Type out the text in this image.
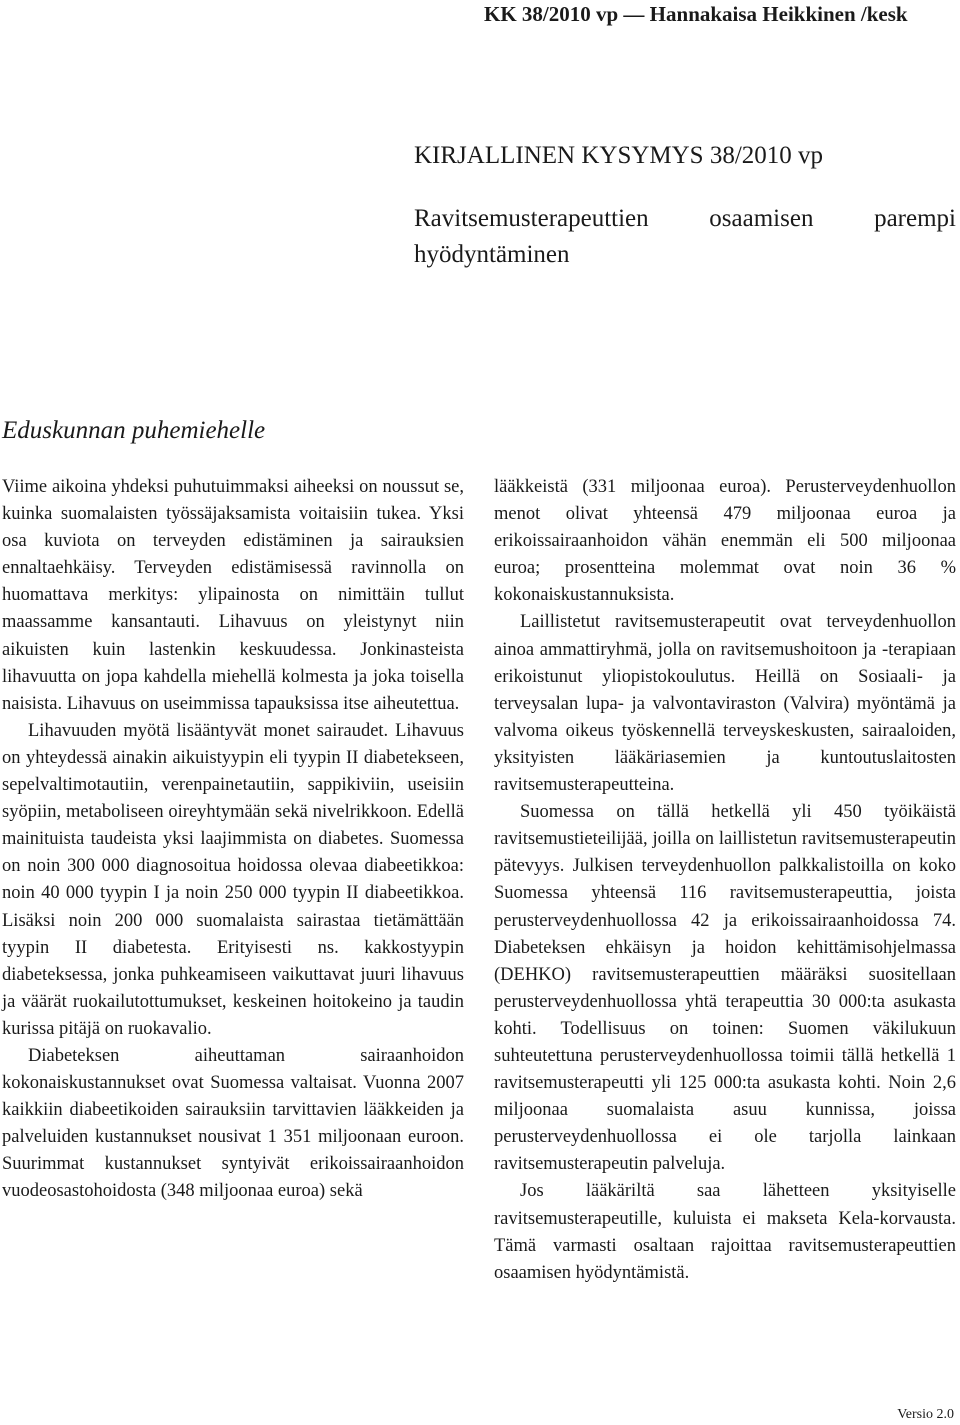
KK 38/2010 vp — Hannakaisa Heikkinen /kesk
KIRJALLINEN KYSYMYS 38/2010 vp
Ravitsemusterapeuttien osaamisen parempi hyödyntäminen
Eduskunnan puhemiehelle

Viime aikoina yhdeksi puhutuimmaksi aiheeksi on noussut se, kuinka suomalaisten työssäjaksamista voitaisiin tukea. Yksi osa kuviota on terveyden edistäminen ja sairauksien ennaltaehkäisy. Terveyden edistämisessä ravinnolla on huomattava merkitys: ylipainosta on nimittäin tullut maassamme kansantauti. Lihavuus on yleistynyt niin aikuisten kuin lastenkin keskuudessa. Jonkinasteista lihavuutta on jopa kahdella miehellä kolmesta ja joka toisella naisista. Lihavuus on useimmissa tapauksissa itse aiheutettua.

Lihavuuden myötä lisääntyvät monet sairaudet. Lihavuus on yhteydessä ainakin aikuistyypin eli tyypin II diabetekseen, sepelvaltimotautiin, verenpainetautiin, sappikiviin, useisiin syöpiin, metaboliseen oireyhtymään sekä nivelrikkoon. Edellä mainituista taudeista yksi laajimmista on diabetes. Suomessa on noin 300 000 diagnosoitua hoidossa olevaa diabeetikkoa: noin 40 000 tyypin I ja noin 250 000 tyypin II diabeetikkoa. Lisäksi noin 200 000 suomalaista sairastaa tietämättään tyypin II diabetesta. Erityisesti ns. kakkostyypin diabeteksessa, jonka puhkeamiseen vaikuttavat juuri lihavuus ja väärät ruokailutottumukset, keskeinen hoitokeino ja taudin kurissa pitäjä on ruokavalio.

Diabeteksen aiheuttaman sairaanhoidon kokonaiskustannukset ovat Suomessa valtaisat. Vuonna 2007 kaikkiin diabeetikoiden sairauksiin tarvittavien lääkkeiden ja palveluiden kustannukset nousivat 1 351 miljoonaan euroon. Suurimmat kustannukset syntyivät erikoissairaanhoidon vuodeosastohoidosta (348 miljoonaa euroa) sekä

lääkkeistä (331 miljoonaa euroa). Perusterveydenhuollon menot olivat yhteensä 479 miljoonaa euroa ja erikoissairaanhoidon vähän enemmän eli 500 miljoonaa euroa; prosentteina molemmat ovat noin 36 % kokonaiskustannuksista.

Laillistetut ravitsemusterapeutit ovat terveydenhuollon ainoa ammattiryhmä, jolla on ravitsemushoitoon ja -terapiaan erikoistunut yliopistokoulutus. Heillä on Sosiaali- ja terveysalan lupa- ja valvontaviraston (Valvira) myöntämä ja valvoma oikeus työskennellä terveyskeskusten, sairaaloiden, yksityisten lääkäriasemien ja kuntoutuslaitosten ravitsemusterapeutteina.

Suomessa on tällä hetkellä yli 450 työikäistä ravitsemustieteilijää, joilla on laillistetun ravitsemusterapeutin pätevyys. Julkisen terveydenhuollon palkkalistoilla on koko Suomessa yhteensä 116 ravitsemusterapeuttia, joista perusterveydenhuollossa 42 ja erikoissairaanhoidossa 74. Diabeteksen ehkäisyn ja hoidon kehittämisohjelmassa (DEHKO) ravitsemusterapeuttien määräksi suositellaan perusterveydenhuollossa yhtä terapeuttia 30 000:ta asukasta kohti. Todellisuus on toinen: Suomen väkilukuun suhteutettuna perusterveydenhuollossa toimii tällä hetkellä 1 ravitsemusterapeutti yli 125 000:ta asukasta kohti. Noin 2,6 miljoonaa suomalaista asuu kunnissa, joissa perusterveydenhuollossa ei ole tarjolla lainkaan ravitsemusterapeutin palveluja.

Jos lääkäriltä saa lähetteen yksityiselle ravitsemusterapeutille, kuluista ei makseta Kela-korvausta. Tämä varmasti osaltaan rajoittaa ravitsemusterapeuttien osaamisen hyödyntämistä.

Versio 2.0
